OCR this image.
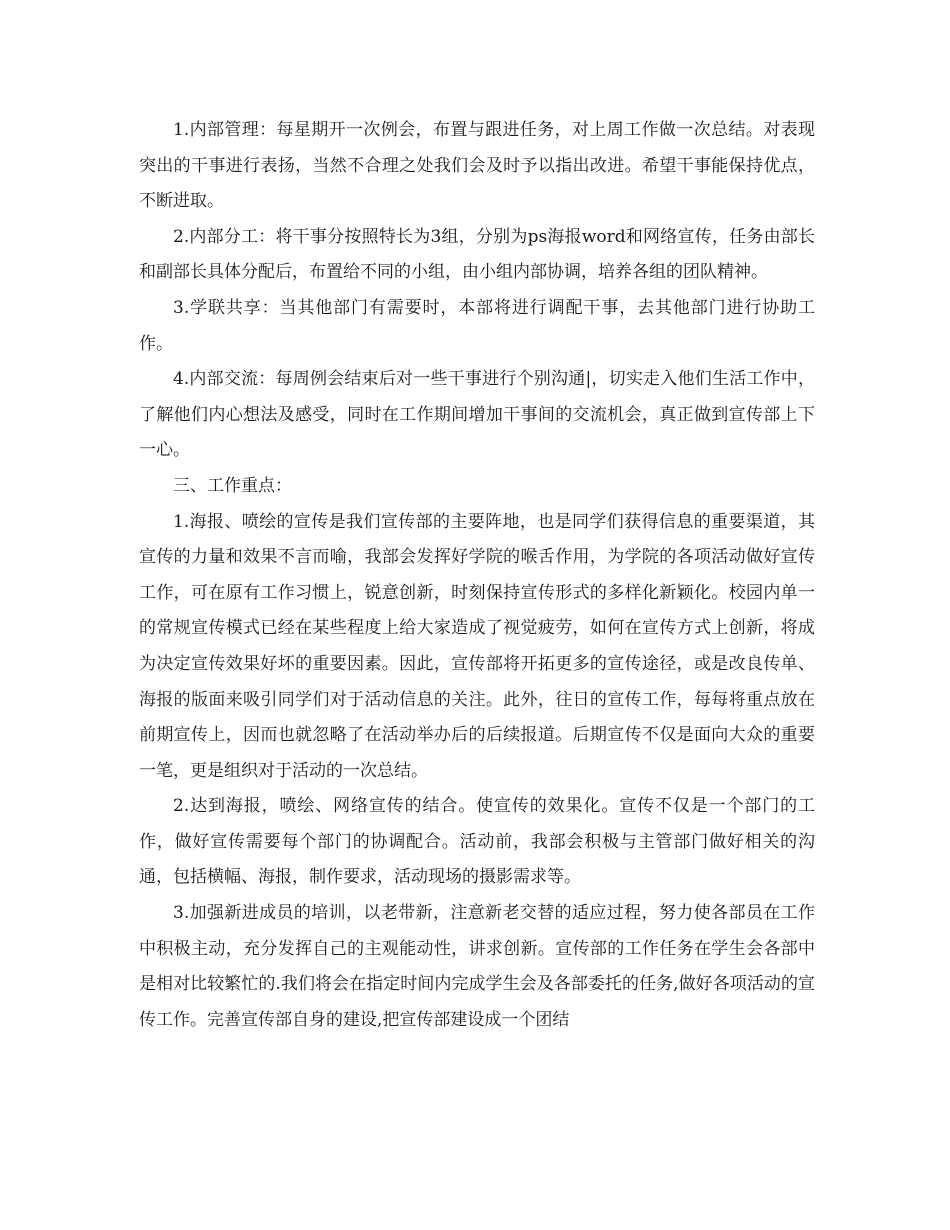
1.内部管理：每星期开一次例会，布置与跟进任务，对上周工作做一次总结。对表现突出的干事进行表扬，当然不合理之处我们会及时予以指出改进。希望干事能保持优点，不断进取。

2.内部分工：将干事分按照特长为3组，分别为ps海报word和网络宣传，任务由部长和副部长具体分配后，布置给不同的小组，由小组内部协调，培养各组的团队精神。

3.学联共享：当其他部门有需要时，本部将进行调配干事，去其他部门进行协助工作。

4.内部交流：每周例会结束后对一些干事进行个别沟通|，切实走入他们生活工作中，了解他们内心想法及感受，同时在工作期间增加干事间的交流机会，真正做到宣传部上下一心。

三、工作重点：

1.海报、喷绘的宣传是我们宣传部的主要阵地，也是同学们获得信息的重要渠道，其宣传的力量和效果不言而喻，我部会发挥好学院的喉舌作用，为学院的各项活动做好宣传工作，可在原有工作习惯上，锐意创新，时刻保持宣传形式的多样化新颖化。校园内单一的常规宣传模式已经在某些程度上给大家造成了视觉疲劳，如何在宣传方式上创新，将成为决定宣传效果好坏的重要因素。因此，宣传部将开拓更多的宣传途径，或是改良传单、海报的版面来吸引同学们对于活动信息的关注。此外，往日的宣传工作，每每将重点放在前期宣传上，因而也就忽略了在活动举办后的后续报道。后期宣传不仅是面向大众的重要一笔，更是组织对于活动的一次总结。

2.达到海报，喷绘、网络宣传的结合。使宣传的效果化。宣传不仅是一个部门的工作，做好宣传需要每个部门的协调配合。活动前，我部会积极与主管部门做好相关的沟通，包括横幅、海报，制作要求，活动现场的摄影需求等。

3.加强新进成员的培训，以老带新，注意新老交替的适应过程，努力使各部员在工作中积极主动，充分发挥自己的主观能动性，讲求创新。宣传部的工作任务在学生会各部中是相对比较繁忙的.我们将会在指定时间内完成学生会及各部委托的任务,做好各项活动的宣传工作。完善宣传部自身的建设,把宣传部建设成一个团结
